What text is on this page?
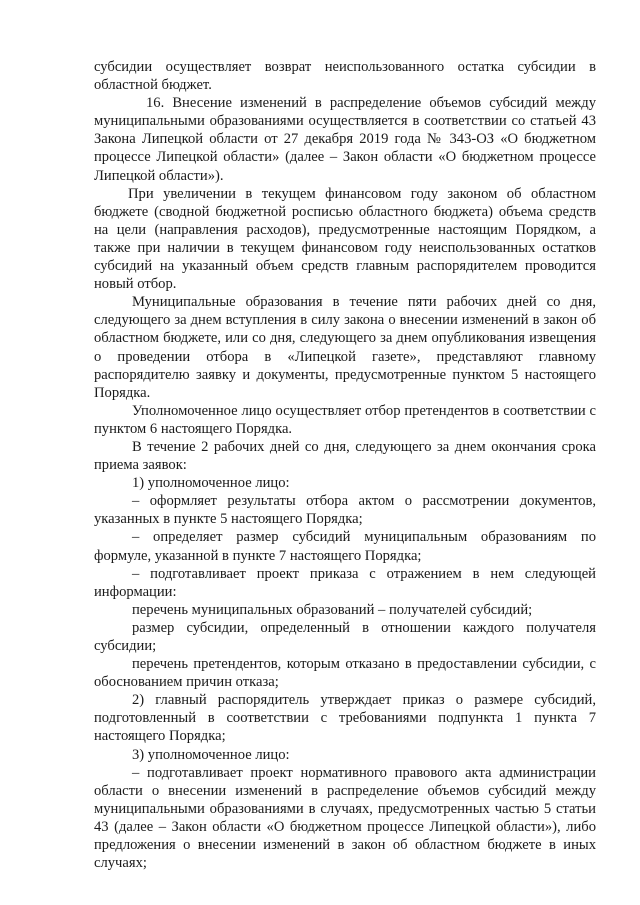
субсидии осуществляет возврат неиспользованного остатка субсидии в областной бюджет.

16. Внесение изменений в распределение объемов субсидий между муниципальными образованиями осуществляется в соответствии со статьей 43 Закона Липецкой области от 27 декабря 2019 года № 343-ОЗ «О бюджетном процессе Липецкой области» (далее – Закон области «О бюджетном процессе Липецкой области»).

При увеличении в текущем финансовом году законом об областном бюджете (сводной бюджетной росписью областного бюджета) объема средств на цели (направления расходов), предусмотренные настоящим Порядком, а также при наличии в текущем финансовом году неиспользованных остатков субсидий на указанный объем средств главным распорядителем проводится новый отбор.

Муниципальные образования в течение пяти рабочих дней со дня, следующего за днем вступления в силу закона о внесении изменений в закон об областном бюджете, или со дня, следующего за днем опубликования извещения о проведении отбора в «Липецкой газете», представляют главному распорядителю заявку и документы, предусмотренные пунктом 5 настоящего Порядка.

Уполномоченное лицо осуществляет отбор претендентов в соответствии с пунктом 6 настоящего Порядка.

В течение 2 рабочих дней со дня, следующего за днем окончания срока приема заявок:

1) уполномоченное лицо:

– оформляет результаты отбора актом о рассмотрении документов, указанных в пункте 5 настоящего Порядка;

– определяет размер субсидий муниципальным образованиям по формуле, указанной в пункте 7 настоящего Порядка;

– подготавливает проект приказа с отражением в нем следующей информации:

перечень муниципальных образований – получателей субсидий;

размер субсидии, определенный в отношении каждого получателя субсидии;

перечень претендентов, которым отказано в предоставлении субсидии, с обоснованием причин отказа;

2) главный распорядитель утверждает приказ о размере субсидий, подготовленный в соответствии с требованиями подпункта 1 пункта 7 настоящего Порядка;

3) уполномоченное лицо:

– подготавливает проект нормативного правового акта администрации области о внесении изменений в распределение объемов субсидий между муниципальными образованиями в случаях, предусмотренных частью 5 статьи 43 (далее – Закон области «О бюджетном процессе Липецкой области»), либо предложения о внесении изменений в закон об областном бюджете в иных случаях;
